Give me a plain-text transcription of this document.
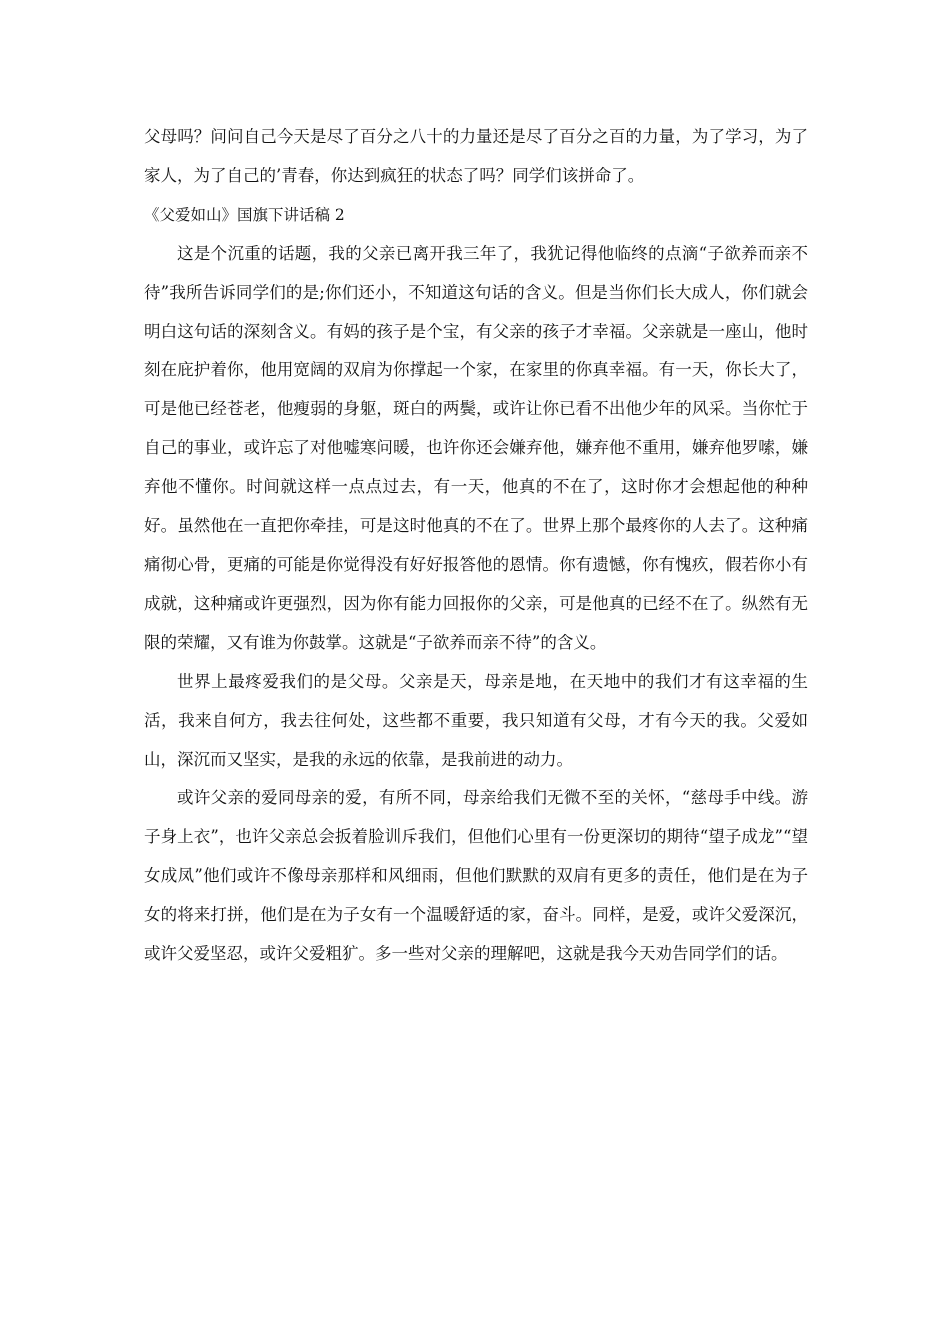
父母吗？问问自己今天是尽了百分之八十的力量还是尽了百分之百的力量，为了学习，为了家人，为了自己的’青春，你达到疯狂的状态了吗？同学们该拼命了。

《父爱如山》国旗下讲话稿 2

这是个沉重的话题，我的父亲已离开我三年了，我犹记得他临终的点滴“子欲养而亲不待”我所告诉同学们的是;你们还小，不知道这句话的含义。但是当你们长大成人，你们就会明白这句话的深刻含义。有妈的孩子是个宝，有父亲的孩子才幸福。父亲就是一座山，他时刻在庇护着你，他用宽阔的双肩为你撑起一个家，在家里的你真幸福。有一天，你长大了，可是他已经苍老，他瘦弱的身躯，斑白的两鬓，或许让你已看不出他少年的风采。当你忙于自己的事业，或许忘了对他嘘寒问暖，也许你还会嫌弃他，嫌弃他不重用，嫌弃他罗嗦，嫌弃他不懂你。时间就这样一点点过去，有一天，他真的不在了，这时你才会想起他的种种好。虽然他在一直把你牵挂，可是这时他真的不在了。世界上那个最疼你的人去了。这种痛痛彻心骨，更痛的可能是你觉得没有好好报答他的恩情。你有遗憾，你有愧疚，假若你小有成就，这种痛或许更强烈，因为你有能力回报你的父亲，可是他真的已经不在了。纵然有无限的荣耀，又有谁为你鼓掌。这就是“子欲养而亲不待”的含义。

世界上最疼爱我们的是父母。父亲是天，母亲是地，在天地中的我们才有这幸福的生活，我来自何方，我去往何处，这些都不重要，我只知道有父母，才有今天的我。父爱如山，深沉而又坚实，是我的永远的依靠，是我前进的动力。

或许父亲的爱同母亲的爱，有所不同，母亲给我们无微不至的关怀，“慈母手中线。游子身上衣”，也许父亲总会扳着脸训斥我们，但他们心里有一份更深切的期待“望子成龙”“望女成凤”他们或许不像母亲那样和风细雨，但他们默默的双肩有更多的责任，他们是在为子女的将来打拼，他们是在为子女有一个温暖舒适的家，奋斗。同样，是爱，或许父爱深沉，或许父爱坚忍，或许父爱粗犷。多一些对父亲的理解吧，这就是我今天劝告同学们的话。
